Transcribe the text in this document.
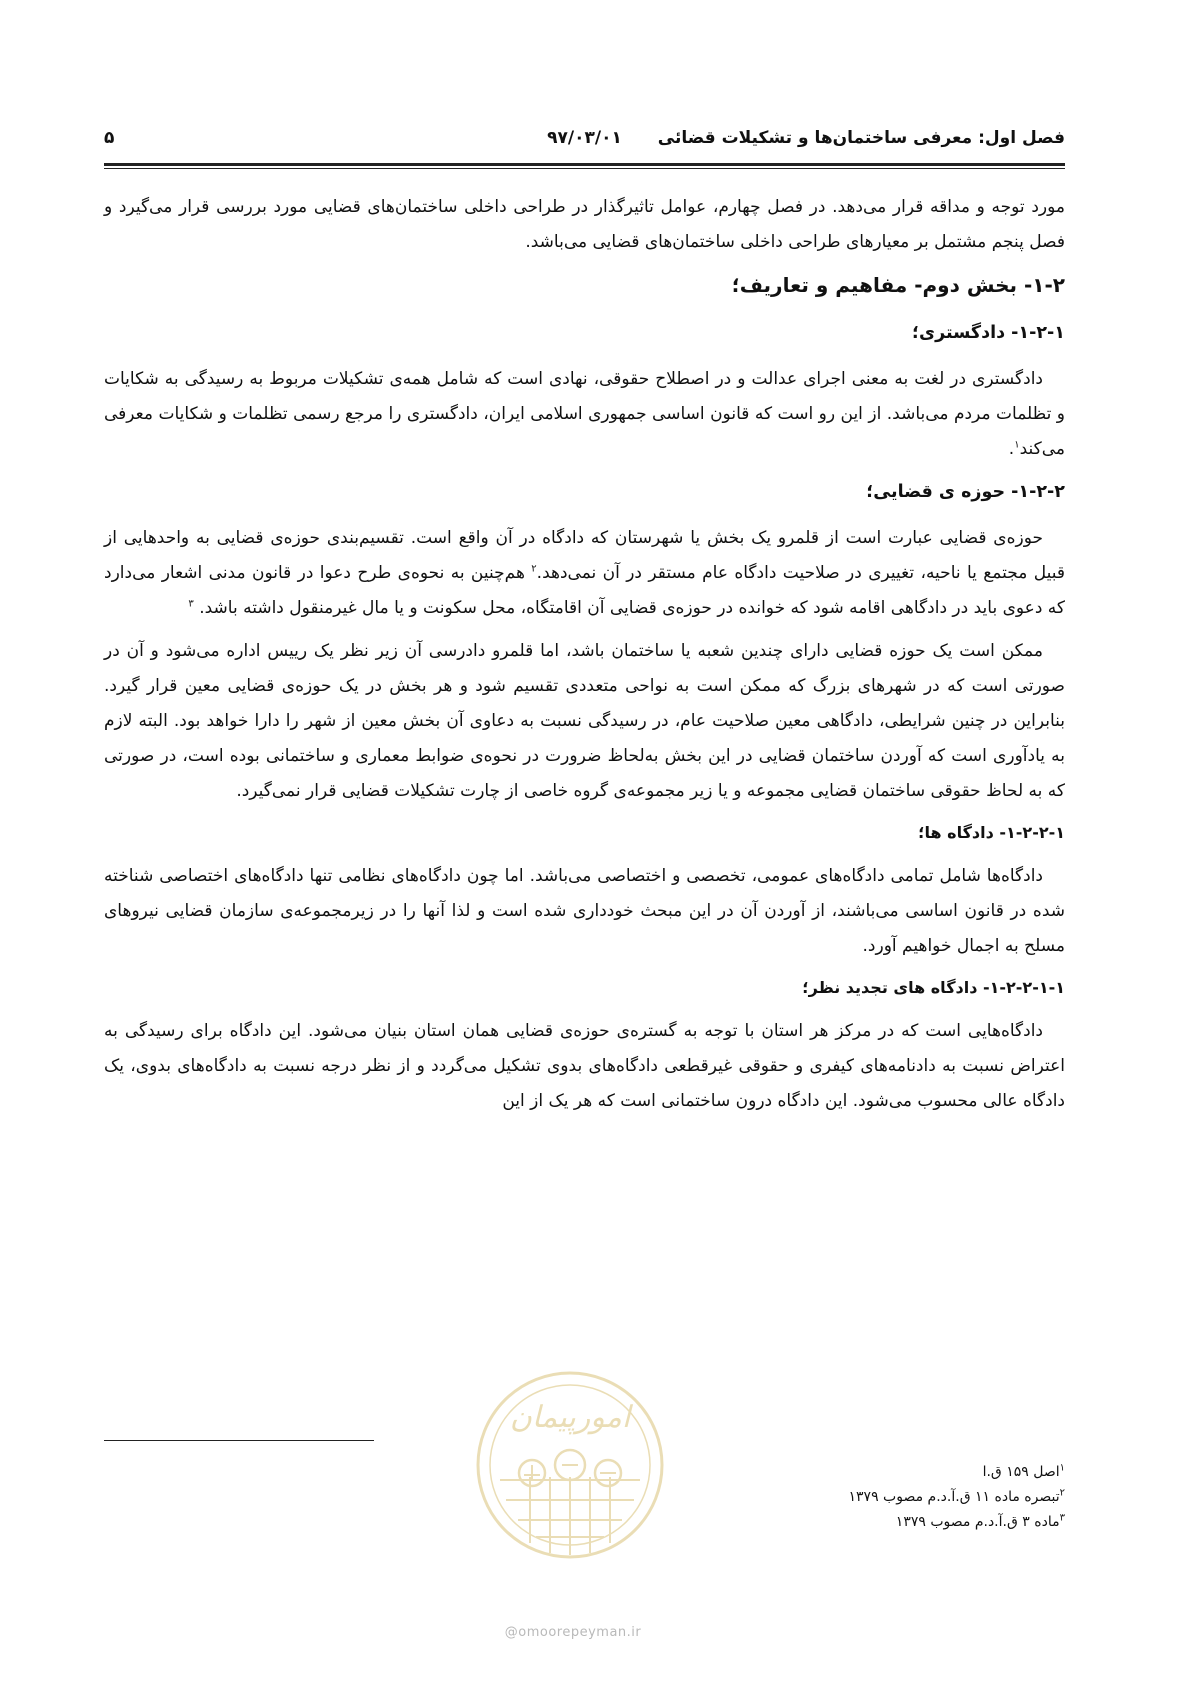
فصل اول: معرفی ساختمان‌ها و تشکیلات قضائی
۹۷/۰۳/۰۱
۵

مورد توجه و مداقه قرار می‌دهد. در فصل چهارم، عوامل تاثیرگذار در طراحی داخلی ساختمان‌های قضایی مورد بررسی قرار می‌گیرد و فصل پنجم مشتمل بر معیارهای طراحی داخلی ساختمان‌های قضایی می‌باشد.

۱-۲- بخش دوم- مفاهیم و تعاریف؛
۱-۲-۱- دادگستری؛

دادگستری در لغت به معنی اجرای عدالت و در اصطلاح حقوقی، نهادی است که شامل همه‌ی تشکیلات مربوط به رسیدگی به شکایات و تظلمات مردم می‌باشد. از این رو است که قانون اساسی جمهوری اسلامی ایران، دادگستری را مرجع رسمی تظلمات و شکایات معرفی می‌کند$^۱$.

۱-۲-۲- حوزه ی قضایی؛

حوزه‌ی قضایی عبارت است از قلمرو یک بخش یا شهرستان که دادگاه در آن واقع است. تقسیم‌بندی حوزه‌ی قضایی به واحدهایی از قبیل مجتمع یا ناحیه، تغییری در صلاحیت دادگاه عام مستقر در آن نمی‌دهد.$^۲$ هم‌چنین به نحوه‌ی طرح دعوا در قانون مدنی اشعار می‌دارد که دعوی باید در دادگاهی اقامه شود که خوانده در حوزه‌ی قضایی آن اقامتگاه، محل سکونت و یا مال غیرمنقول داشته باشد. $^۳$

ممکن است یک حوزه قضایی دارای چندین شعبه یا ساختمان باشد، اما قلمرو دادرسی آن زیر نظر یک رییس اداره می‌شود و آن در صورتی است که در شهرهای بزرگ که ممکن است به نواحی متعددی تقسیم شود و هر بخش در یک حوزه‌ی قضایی معین قرار گیرد. بنابراین در چنین شرایطی، دادگاهی معین صلاحیت عام، در رسیدگی نسبت به دعاوی آن بخش معین از شهر را دارا خواهد بود. البته لازم به یادآوری است که آوردن ساختمان قضایی در این بخش به‌لحاظ ضرورت در نحوه‌ی ضوابط معماری و ساختمانی بوده است، در صورتی که به لحاظ حقوقی ساختمان قضایی مجموعه و یا زیر مجموعه‌ی گروه خاصی از چارت تشکیلات قضایی قرار نمی‌گیرد.

۱-۲-۲-۱- دادگاه ها؛

دادگاه‌ها شامل تمامی دادگاه‌های عمومی، تخصصی و اختصاصی می‌باشد. اما چون دادگاه‌های نظامی تنها دادگاه‌های اختصاصی شناخته شده در قانون اساسی می‌باشند، از آوردن آن در این مبحث خودداری شده است و لذا آنها را در زیرمجموعه‌ی سازمان قضایی نیروهای مسلح به اجمال خواهیم آورد.

۱-۲-۲-۱-۱- دادگاه های تجدید نظر؛

دادگاه‌هایی است که در مرکز هر استان با توجه به گستره‌ی حوزه‌ی قضایی همان استان بنیان می‌شود. این دادگاه برای رسیدگی به اعتراض نسبت به دادنامه‌های کیفری و حقوقی غیرقطعی دادگاه‌های بدوی تشکیل می‌گردد و از نظر درجه نسبت به دادگاه‌های بدوی، یک دادگاه عالی محسوب می‌شود. این دادگاه درون ساختمانی است که هر یک از این

$^۱$اصل ۱۵۹ ق.ا
$^۲$تبصره ماده ۱۱ ق.آ.د.م مصوب ۱۳۷۹
$^۳$ماده ۳ ق.آ.د.م مصوب ۱۳۷۹
امورپیمان
@omoorepeyman.ir
